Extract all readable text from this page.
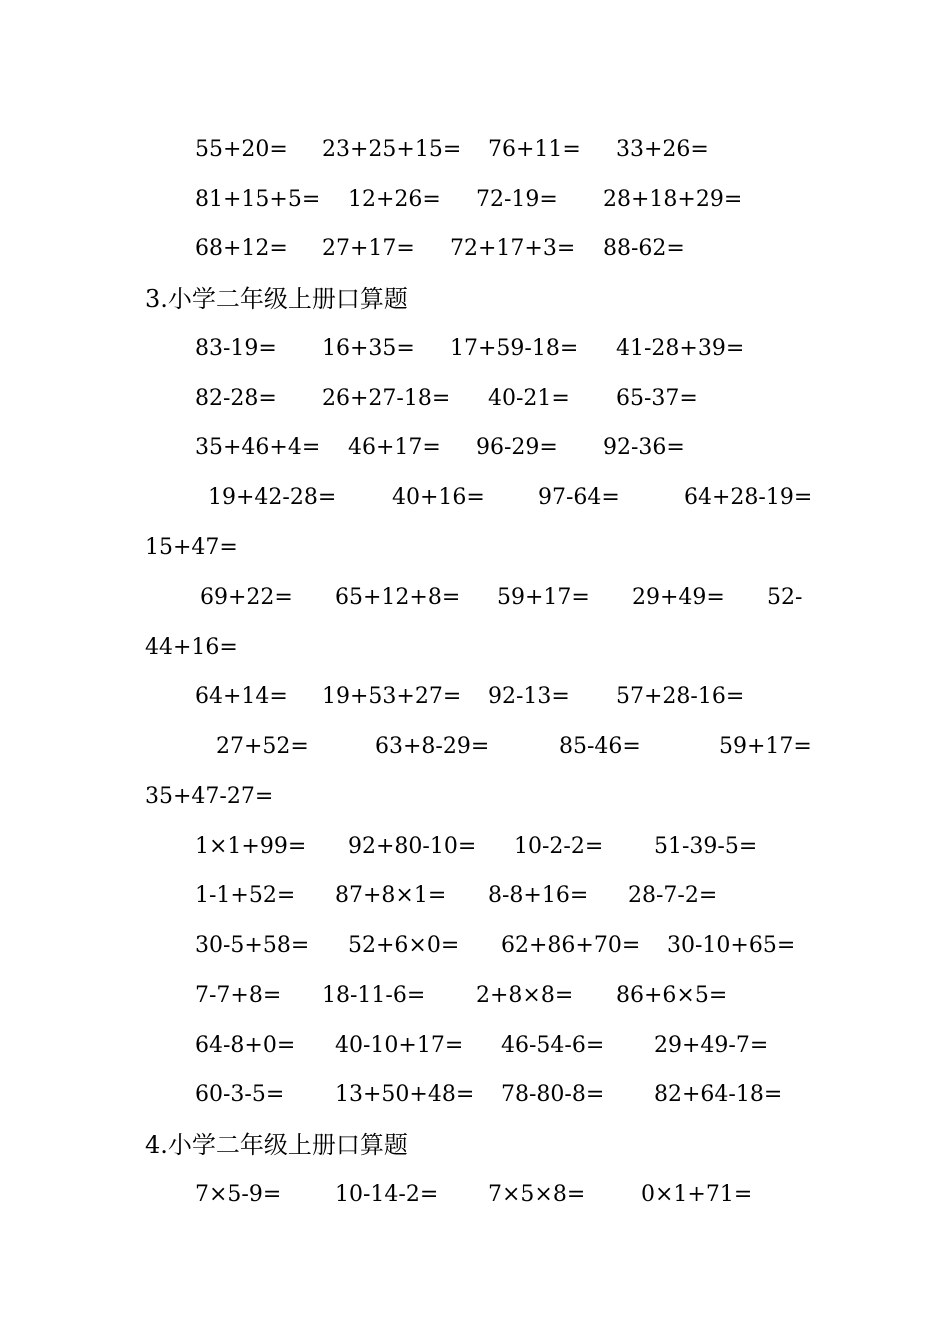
55+20= 23+25+15= 76+11= 33+26=
81+15+5= 12+26= 72-19= 28+18+29=
68+12= 27+17= 72+17+3= 88-62=
3.小学二年级上册口算题
83-19= 16+35= 17+59-18= 41-28+39=
82-28= 26+27-18= 40-21= 65-37=
35+46+4= 46+17= 96-29= 92-36=
19+42-28=	40+16= 97-64=	64+28-19=
15+47=
69+22= 65+12+8= 59+17= 29+49= 52-
44+16=
64+14= 19+53+27= 92-13= 57+28-16=
27+52=	63+8-29=	85-46=	59+17=
35+47-27=
1×1+99= 92+80-10= 10-2-2= 51-39-5=
1-1+52= 87+8×1= 8-8+16= 28-7-2=
30-5+58= 52+6×0= 62+86+70= 30-10+65=
7-7+8= 18-11-6= 2+8×8= 86+6×5=
64-8+0= 40-10+17= 46-54-6= 29+49-7=
60-3-5= 13+50+48= 78-80-8= 82+64-18=
4.小学二年级上册口算题
7×5-9= 10-14-2= 7×5×8=	0×1+71=
